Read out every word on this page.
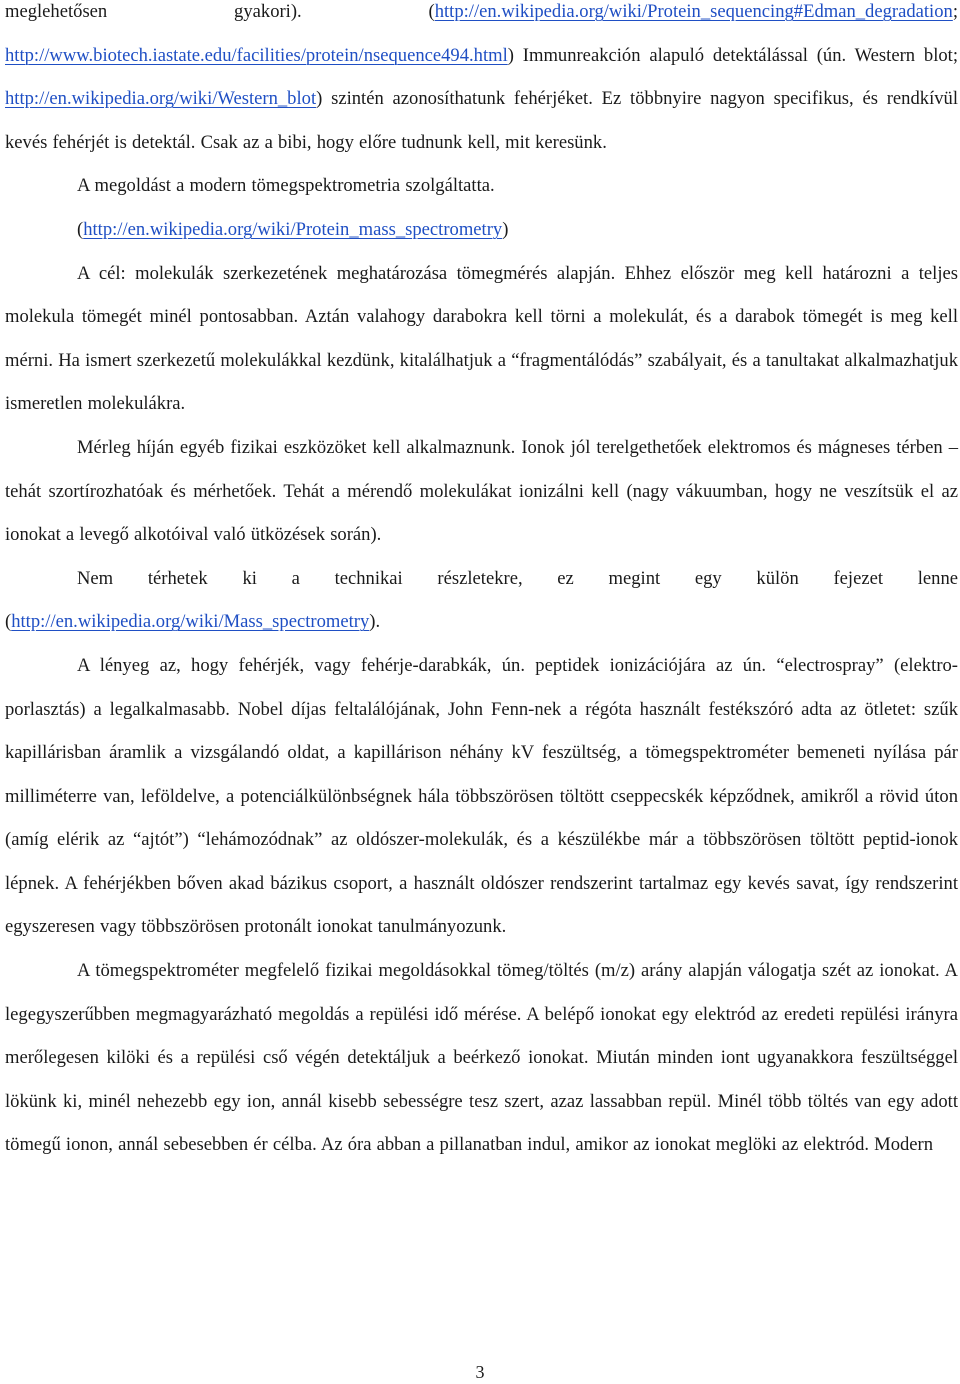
meglehetősen gyakori). (http://en.wikipedia.org/wiki/Protein_sequencing#Edman_degradation; http://www.biotech.iastate.edu/facilities/protein/nsequence494.html) Immunreakción alapuló detektálással (ún. Western blot; http://en.wikipedia.org/wiki/Western_blot) szintén azonosíthatunk fehérjéket. Ez többnyire nagyon specifikus, és rendkívül kevés fehérjét is detektál. Csak az a bibi, hogy előre tudnunk kell, mit keresünk.

A megoldást a modern tömegspektrometria szolgáltatta.

(http://en.wikipedia.org/wiki/Protein_mass_spectrometry)

A cél: molekulák szerkezetének meghatározása tömegmérés alapján. Ehhez először meg kell határozni a teljes molekula tömegét minél pontosabban. Aztán valahogy darabokra kell törni a molekulát, és a darabok tömegét is meg kell mérni. Ha ismert szerkezetű molekulákkal kezdünk, kitalálhatjuk a “fragmentálódás” szabályait, és a tanultakat alkalmazhatjuk ismeretlen molekulákra.

Mérleg híján egyéb fizikai eszközöket kell alkalmaznunk. Ionok jól terelgethetőek elektromos és mágneses térben – tehát szortírozhatóak és mérhetőek. Tehát a mérendő molekulákat ionizálni kell (nagy vákuumban, hogy ne veszítsük el az ionokat a levegő alkotóival való ütközések során).

Nem térhetek ki a technikai részletekre, ez megint egy külön fejezet lenne (http://en.wikipedia.org/wiki/Mass_spectrometry).

A lényeg az, hogy fehérjék, vagy fehérje-darabkák, ún. peptidek ionizációjára az ún. “electrospray” (elektro-porlasztás) a legalkalmasabb. Nobel díjas feltalálójának, John Fenn-nek a régóta használt festékszóró adta az ötletet: szűk kapillárisban áramlik a vizsgálandó oldat, a kapillárison néhány kV feszültség, a tömegspektrométer bemeneti nyílása pár milliméterre van, leföldelve, a potenciálkülönbségnek hála többszörösen töltött cseppecskék képződnek, amikről a rövid úton (amíg elérik az “ajtót”) “lehámozódnak” az oldószer-molekulák, és a készülékbe már a többszörösen töltött peptid-ionok lépnek. A fehérjékben bőven akad bázikus csoport, a használt oldószer rendszerint tartalmaz egy kevés savat, így rendszerint egyszeresen vagy többszörösen protonált ionokat tanulmányozunk.

A tömegspektrométer megfelelő fizikai megoldásokkal tömeg/töltés (m/z) arány alapján válogatja szét az ionokat. A legegyszerűbben megmagyarázható megoldás a repülési idő mérése. A belépő ionokat egy elektród az eredeti repülési irányra merőlegesen kilöki és a repülési cső végén detektáljuk a beérkező ionokat. Miután minden iont ugyanakkora feszültséggel lökünk ki, minél nehezebb egy ion, annál kisebb sebességre tesz szert, azaz lassabban repül. Minél több töltés van egy adott tömegű ionon, annál sebesebben ér célba. Az óra abban a pillanatban indul, amikor az ionokat meglöki az elektród. Modern

3
